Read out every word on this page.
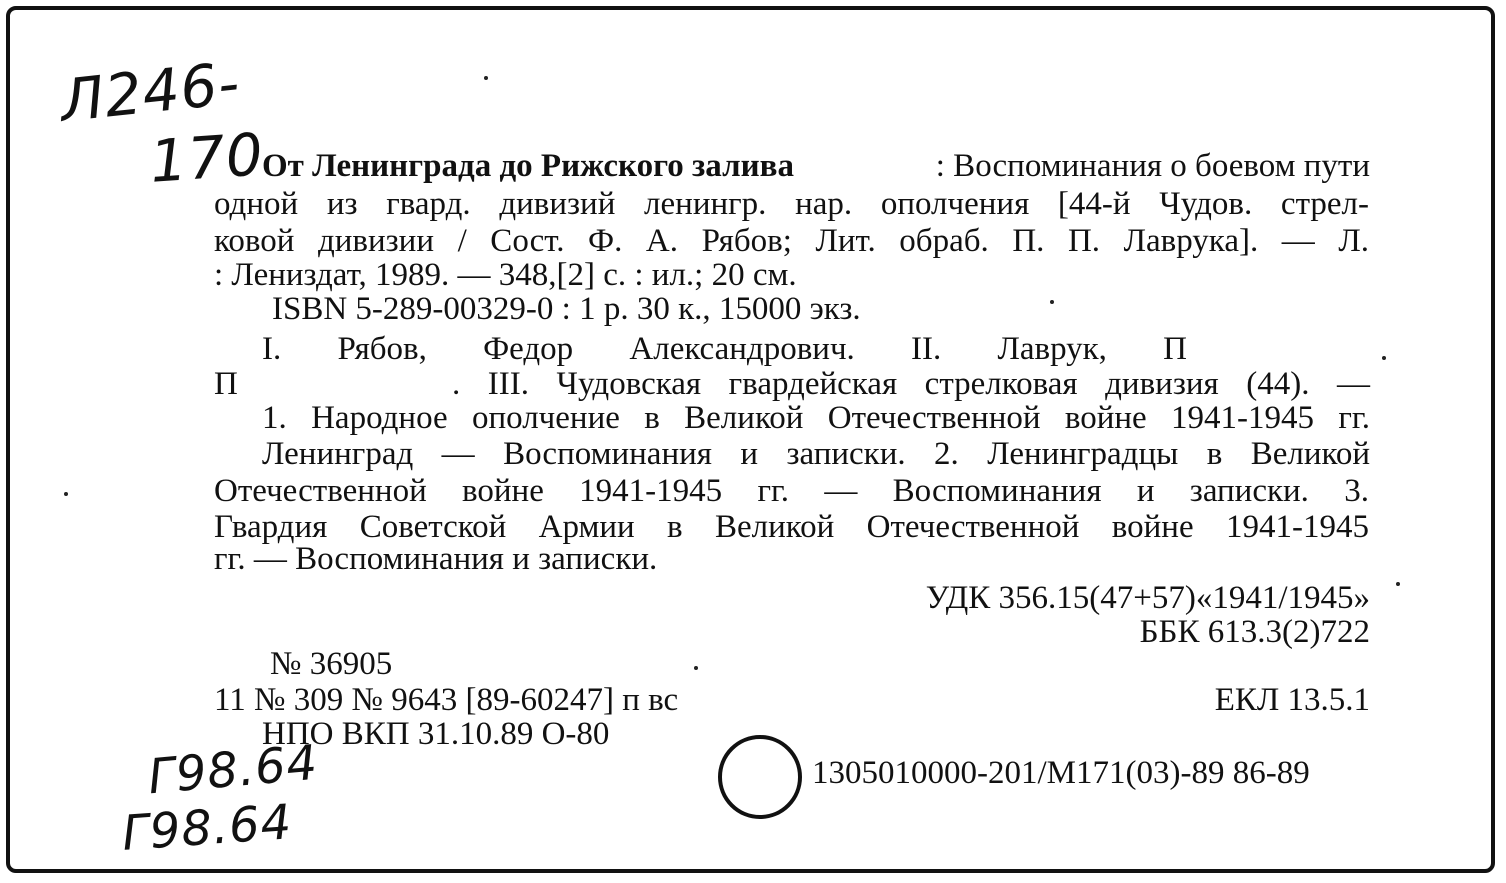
Л246-
170
От Ленинграда до Рижского залива	: Воспоминания о боевом пути
одной из гвард. дивизий ленингр. нар. ополчения [44-й Чудов. стрел-
ковой дивизии / Сост. Ф. А. Рябов; Лит. обраб. П. П. Лаврука]. — Л.
: Лениздат, 1989. — 348,[2] с. : ил.; 20 см.
ISBN 5-289-00329-0 : 1 р. 30 к., 15000 экз.
I. Рябов, Федор Александрович. II. Лаврук, П
П	. III. Чудовская гвардейская стрелковая дивизия (44). —
1. Народное ополчение в Великой Отечественной войне 1941-1945 гг.
Ленинград — Воспоминания и записки. 2. Ленинградцы в Великой
Отечественной войне 1941-1945 гг. — Воспоминания и записки. 3.
Гвардия Советской Армии в Великой Отечественной войне 1941-1945
гг. — Воспоминания и записки.
УДК 356.15(47+57)«1941/1945»
ББК 613.3(2)722
№ 36905
11 № 309 № 9643 [89-60247] п вс
НПО ВКП 31.10.89 О-80
ЕКЛ 13.5.1
1305010000-201/М171(03)-89 86-89
Г98.64
Г98.64
